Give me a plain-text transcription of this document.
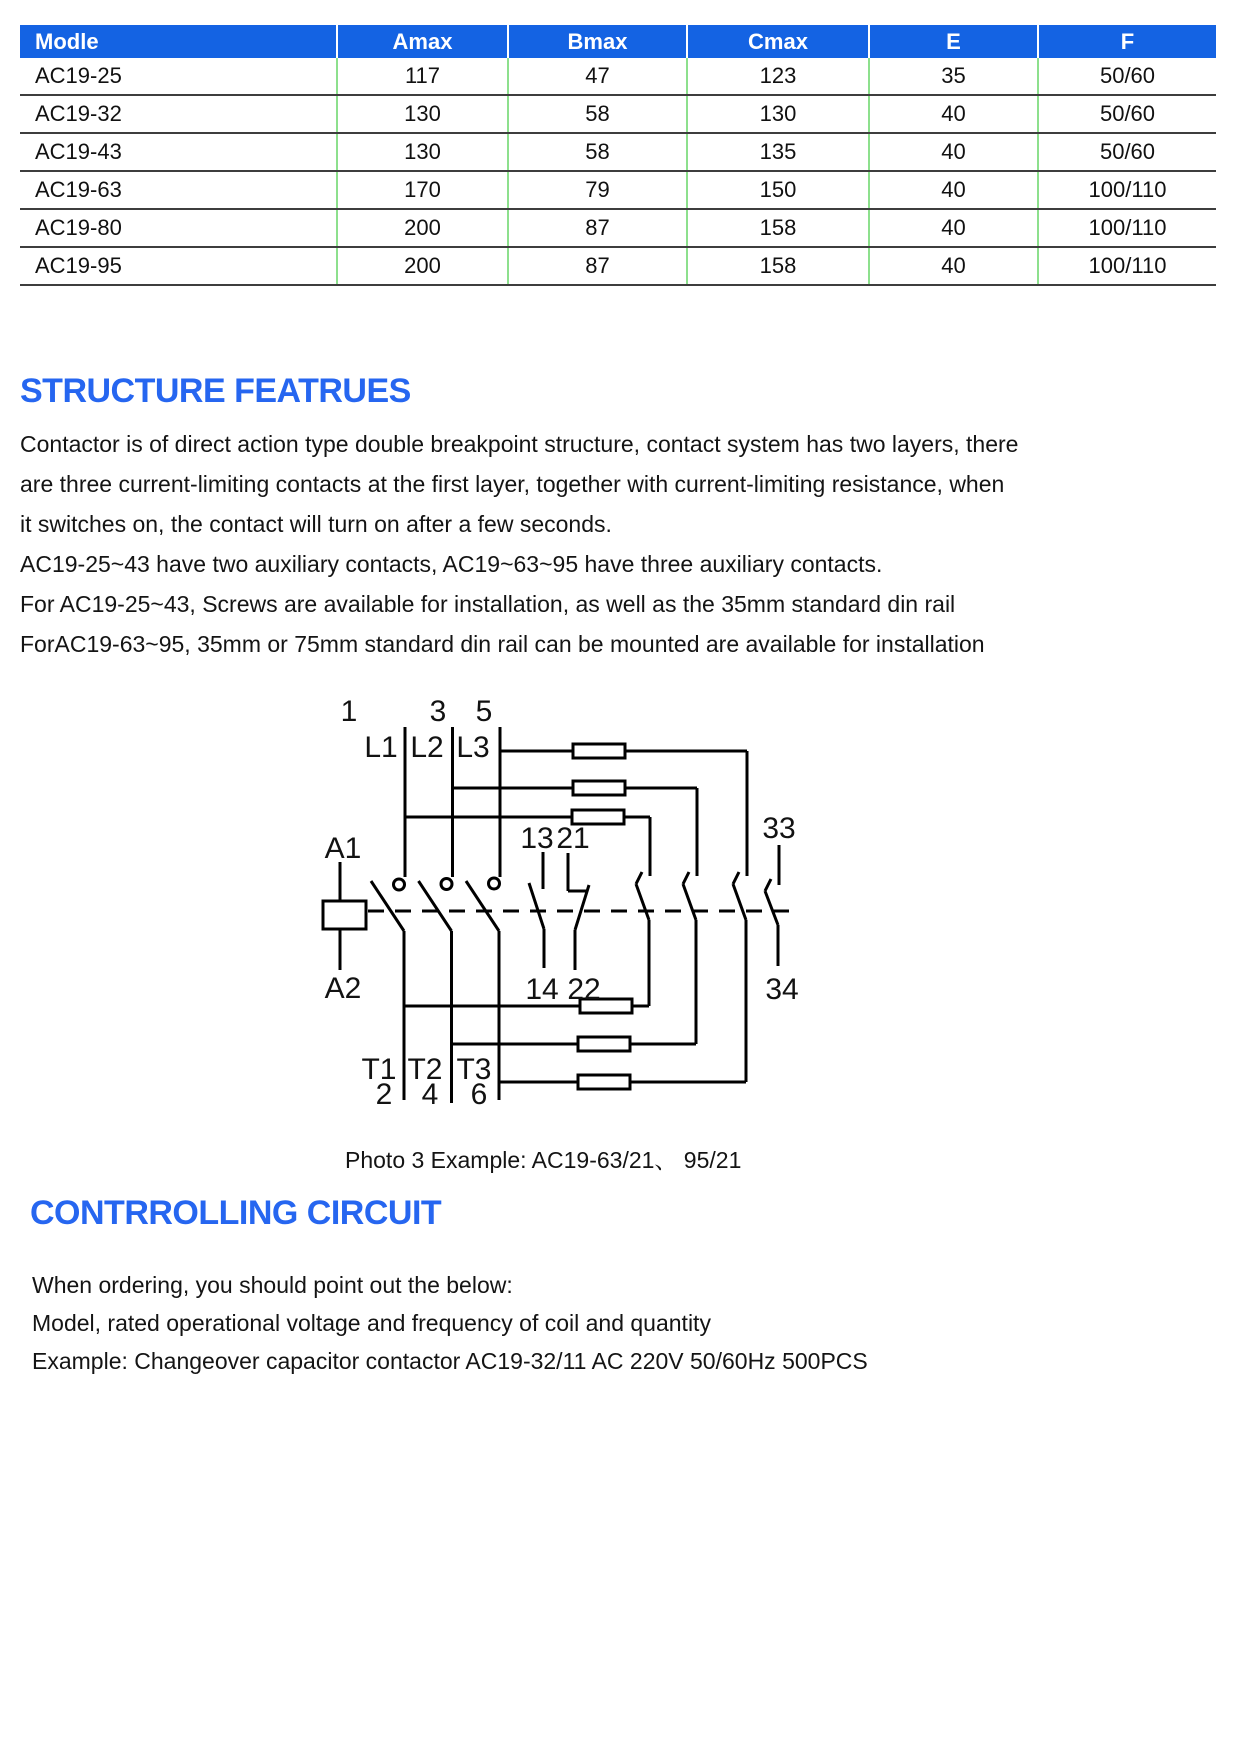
Modle	Amax	Bmax	Cmax	E	F
AC19-25	117	47	123	35	50/60
AC19-32	130	58	130	40	50/60
AC19-43	130	58	135	40	50/60
AC19-63	170	79	150	40	100/110
AC19-80	200	87	158	40	100/110
AC19-95	200	87	158	40	100/110
STRUCTURE FEATRUES
Contactor is of direct action type double breakpoint structure, contact system has two layers, there
are three current-limiting contacts at the first layer, together with current-limiting resistance, when
it switches on, the contact will turn on after a few seconds.
AC19-25~43 have two auxiliary contacts, AC19~63~95 have three auxiliary contacts.
For AC19-25~43, Screws are available for installation, as well as the 35mm standard din rail
ForAC19-63~95, 35mm or 75mm standard din rail can be mounted are available for installation
1 3 5
L1 L2 L3
A1
A2
13 21	33
14 22	34
T1 T2 T3
2 4 6
Photo 3 Example: AC19-63/21、 95/21
CONTRROLLING CIRCUIT
When ordering, you should point out the below:
Model, rated operational voltage and frequency of coil and quantity
Example: Changeover capacitor contactor AC19-32/11 AC 220V 50/60Hz 500PCS
